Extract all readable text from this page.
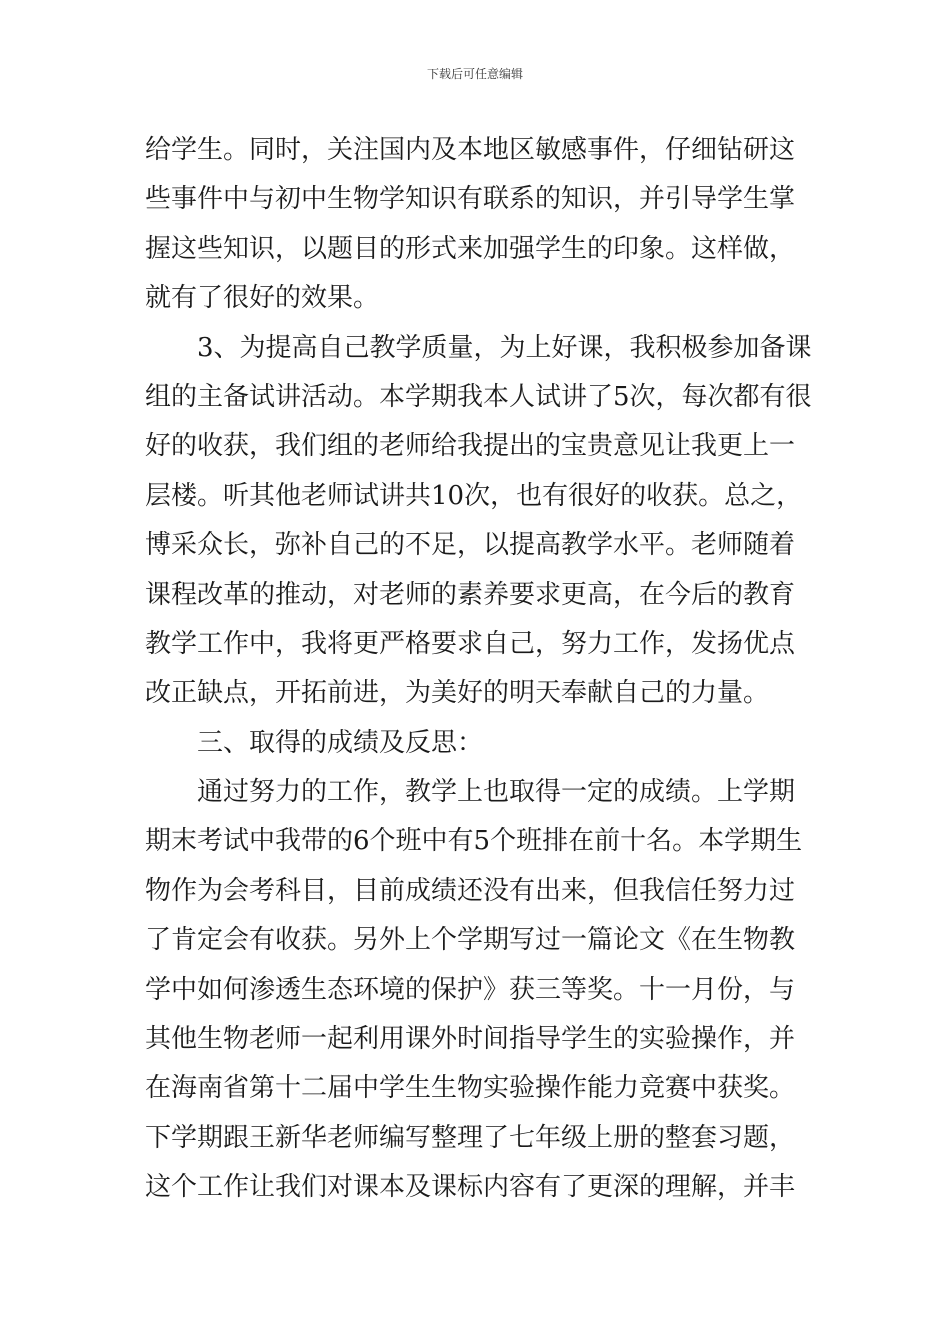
下载后可任意编辑
给学生。同时，关注国内及本地区敏感事件，仔细钻研这
些事件中与初中生物学知识有联系的知识，并引导学生掌
握这些知识，以题目的形式来加强学生的印象。这样做，
就有了很好的效果。
3、为提高自己教学质量，为上好课，我积极参加备课
组的主备试讲活动。本学期我本人试讲了5次，每次都有很
好的收获，我们组的老师给我提出的宝贵意见让我更上一
层楼。听其他老师试讲共10次，也有很好的收获。总之，
博采众长，弥补自己的不足，以提高教学水平。老师随着
课程改革的推动，对老师的素养要求更高，在今后的教育
教学工作中，我将更严格要求自己，努力工作，发扬优点
改正缺点，开拓前进，为美好的明天奉献自己的力量。
三、取得的成绩及反思：
通过努力的工作，教学上也取得一定的成绩。上学期
期末考试中我带的6个班中有5个班排在前十名。本学期生
物作为会考科目，目前成绩还没有出来，但我信任努力过
了肯定会有收获。另外上个学期写过一篇论文《在生物教
学中如何渗透生态环境的保护》获三等奖。十一月份，与
其他生物老师一起利用课外时间指导学生的实验操作，并
在海南省第十二届中学生生物实验操作能力竞赛中获奖。
下学期跟王新华老师编写整理了七年级上册的整套习题，
这个工作让我们对课本及课标内容有了更深的理解，并丰
